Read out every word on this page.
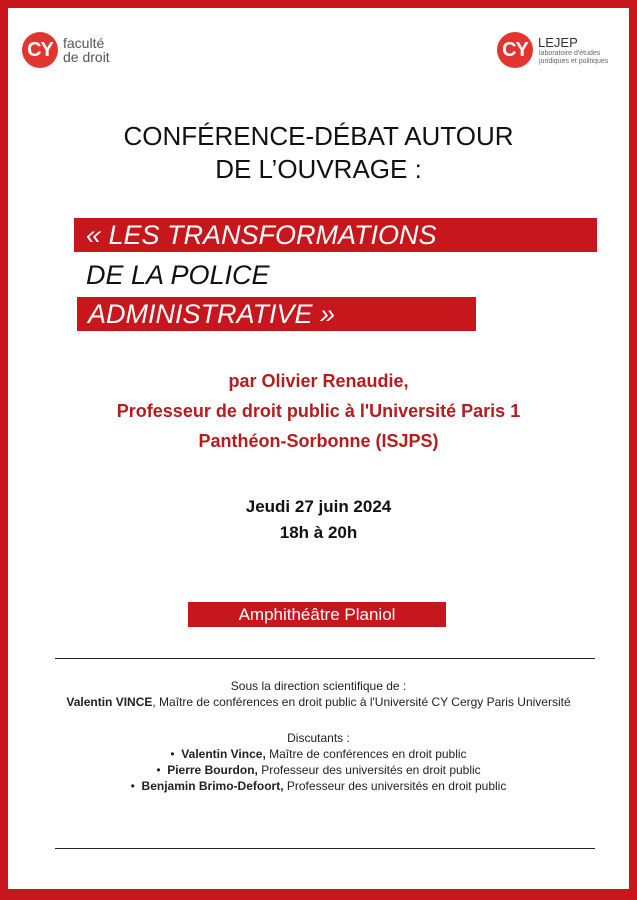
CY faculté
de droit	CY LEJEP
laboratoire d'études
juridiques et politiques
CONFÉRENCE-DÉBAT AUTOUR
DE L’OUVRAGE :
« LES TRANSFORMATIONS
DE LA POLICE
ADMINISTRATIVE »
par Olivier Renaudie,
Professeur de droit public à l'Université Paris 1
Panthéon-Sorbonne (ISJPS)
Jeudi 27 juin 2024
18h à 20h
Amphithéâtre Planiol
Sous la direction scientifique de :
Valentin VINCE, Maître de conférences en droit public à l'Université CY Cergy Paris Université
Discutants :
• Valentin Vince, Maître de conférences en droit public
• Pierre Bourdon, Professeur des universités en droit public
• Benjamin Brimo-Defoort, Professeur des universités en droit public
